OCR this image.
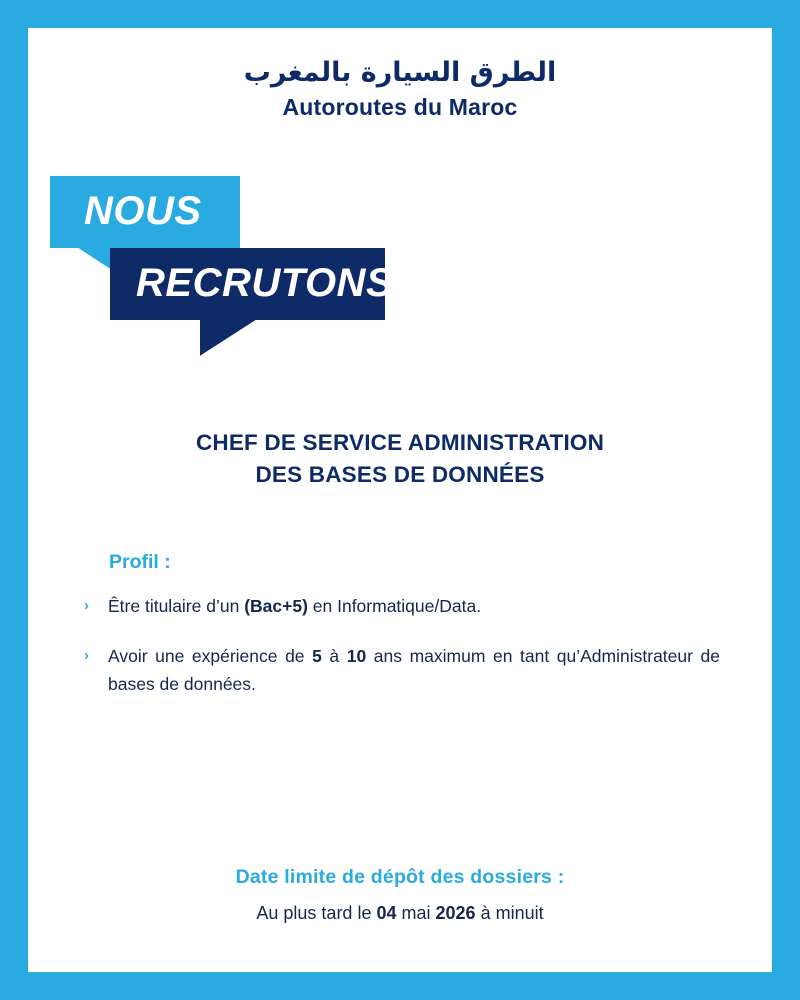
الطرق السيارة بالمغرب
Autoroutes du Maroc
NOUS
RECRUTONS
CHEF DE SERVICE ADMINISTRATION
DES BASES DE DONNÉES
Profil :
›	Être titulaire d’un (Bac+5) en Informatique/Data.
›	Avoir une expérience de 5 à 10 ans maximum en tant qu’Administrateur de bases de données.
Date limite de dépôt des dossiers :
Au plus tard le 04 mai 2026 à minuit
